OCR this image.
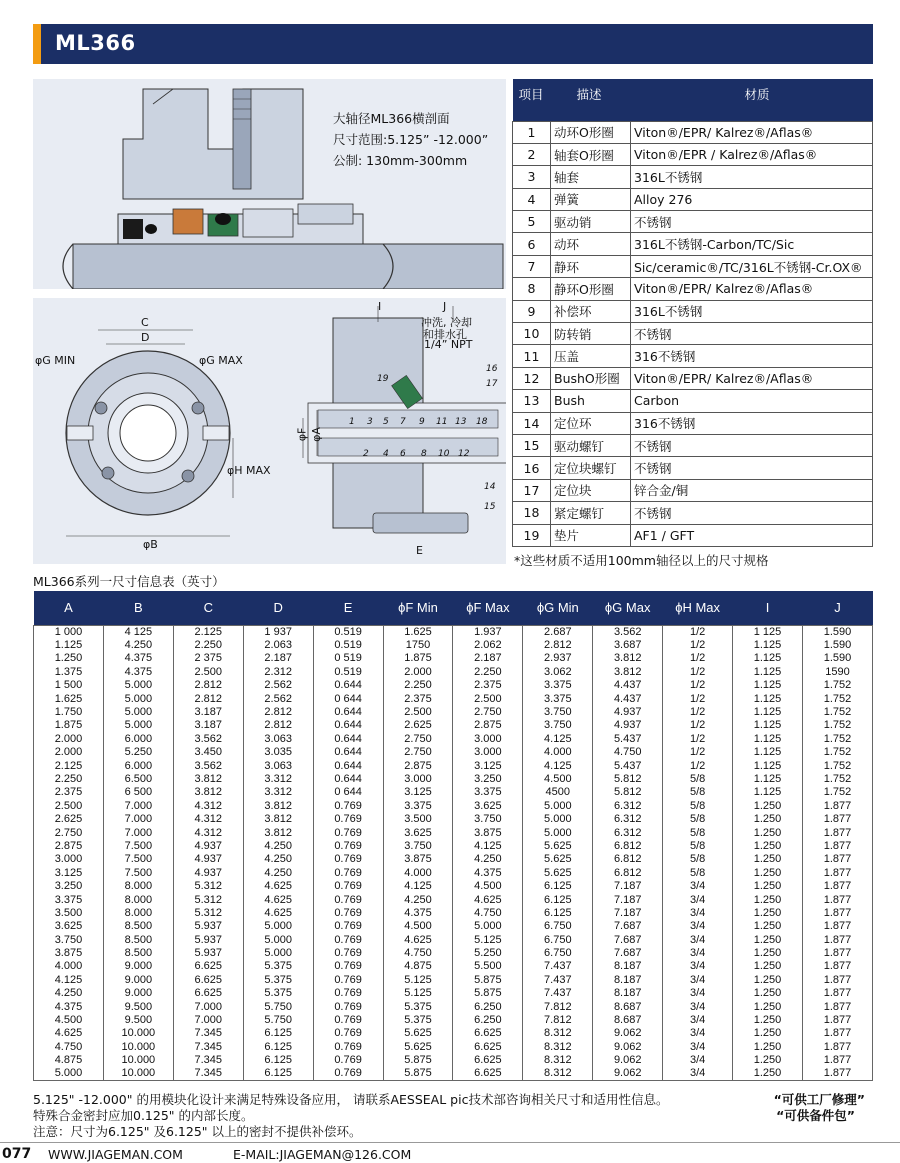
ML366
大轴径ML366横剖面
尺寸范围:5.125” -12.000”
公制: 130mm-300mm
C
D
φG MIN	φG MAX
φH MAX
φB
I	J
φF φA
E
冲洗, 冷却
和排水孔
1/4” NPT
19
16
17
1 3 5 7 9 11 13 18
2 4 6 8 10 12
14
15
项目	描述	材质
1	动环O形圈	Viton®/EPR/ Kalrez®/Aflas®
2	轴套O形圈	Viton®/EPR / Kalrez®/Aflas®
3	轴套	316L不锈钢
4	弹簧	Alloy 276
5	驱动销	不锈钢
6	动环	316L不锈钢-Carbon/TC/Sic
7	静环	Sic/ceramic®/TC/316L不锈钢-Cr.OX®
8	静环O形圈	Viton®/EPR/ Kalrez®/Aflas®
9	补偿环	316L不锈钢
10	防转销	不锈钢
11	压盖	316不锈钢
12	BushO形圈	Viton®/EPR/ Kalrez®/Aflas®
13	Bush	Carbon
14	定位环	316不锈钢
15	驱动螺钉	不锈钢
16	定位块螺钉	不锈钢
17	定位块	锌合金/铜
18	紧定螺钉	不锈钢
19	垫片	AF1 / GFT
*这些材质不适用100mm轴径以上的尺寸规格
ML366系列一尺寸信息表（英寸）
A	B	C	D	E	ϕF Min	ϕF Max	ϕG Min	ϕG Max	ϕH Max	I	J
1 000	4 125	2.125	1 937	0.519	1.625	1.937	2.687	3.562	1/2	1 125	1.590
1.125	4.250	2.250	2.063	0.519	1750	2.062	2.812	3.687	1/2	1.125	1.590
1.250	4.375	2 375	2.187	0 519	1.875	2.187	2.937	3.812	1/2	1.125	1.590
1.375	4.375	2.500	2.312	0.519	2.000	2.250	3.062	3.812	1/2	1.125	1590
1 500	5.000	2.812	2.562	0.644	2.250	2.375	3.375	4.437	1/2	1.125	1.752
1.625	5.000	2.812	2.562	0 644	2.375	2.500	3.375	4.437	1/2	1.125	1.752
1.750	5.000	3.187	2.812	0.644	2.500	2.750	3.750	4.937	1/2	1.125	1.752
1.875	5.000	3.187	2.812	0.644	2.625	2.875	3.750	4.937	1/2	1.125	1.752
2.000	6.000	3.562	3.063	0.644	2.750	3.000	4.125	5.437	1/2	1.125	1.752
2.000	5.250	3.450	3.035	0.644	2.750	3.000	4.000	4.750	1/2	1.125	1.752
2.125	6.000	3.562	3.063	0.644	2.875	3.125	4.125	5.437	1/2	1.125	1.752
2.250	6.500	3.812	3.312	0.644	3.000	3.250	4.500	5.812	5/8	1.125	1.752
2.375	6 500	3.812	3.312	0 644	3.125	3.375	4500	5.812	5/8	1.125	1.752
2.500	7.000	4.312	3.812	0.769	3.375	3.625	5.000	6.312	5/8	1.250	1.877
2.625	7.000	4.312	3.812	0.769	3.500	3.750	5.000	6.312	5/8	1.250	1.877
2.750	7.000	4.312	3.812	0.769	3.625	3.875	5.000	6.312	5/8	1.250	1.877
2.875	7.500	4.937	4.250	0.769	3.750	4.125	5.625	6.812	5/8	1.250	1.877
3.000	7.500	4.937	4.250	0.769	3.875	4.250	5.625	6.812	5/8	1.250	1.877
3.125	7.500	4.937	4.250	0.769	4.000	4.375	5.625	6.812	5/8	1.250	1.877
3.250	8.000	5.312	4.625	0.769	4.125	4.500	6.125	7.187	3/4	1.250	1.877
3.375	8.000	5.312	4.625	0.769	4.250	4.625	6.125	7.187	3/4	1.250	1.877
3.500	8.000	5.312	4.625	0.769	4.375	4.750	6.125	7.187	3/4	1.250	1.877
3.625	8.500	5.937	5.000	0.769	4.500	5.000	6.750	7.687	3/4	1.250	1.877
3.750	8.500	5.937	5.000	0.769	4.625	5.125	6.750	7.687	3/4	1.250	1.877
3.875	8.500	5.937	5.000	0.769	4.750	5.250	6.750	7.687	3/4	1.250	1.877
4.000	9.000	6.625	5.375	0.769	4.875	5.500	7.437	8.187	3/4	1.250	1.877
4.125	9.000	6.625	5.375	0.769	5.125	5.875	7.437	8.187	3/4	1.250	1.877
4.250	9.000	6.625	5.375	0.769	5.125	5.875	7.437	8.187	3/4	1.250	1.877
4.375	9.500	7.000	5.750	0.769	5.375	6.250	7.812	8.687	3/4	1.250	1.877
4.500	9.500	7.000	5.750	0.769	5.375	6.250	7.812	8.687	3/4	1.250	1.877
4.625	10.000	7.345	6.125	0.769	5.625	6.625	8.312	9.062	3/4	1.250	1.877
4.750	10.000	7.345	6.125	0.769	5.625	6.625	8.312	9.062	3/4	1.250	1.877
4.875	10.000	7.345	6.125	0.769	5.875	6.625	8.312	9.062	3/4	1.250	1.877
5.000	10.000	7.345	6.125	0.769	5.875	6.625	8.312	9.062	3/4	1.250	1.877
5.125" -12.000" 的用模块化设计来满足特殊设备应用， 请联系AESSEAL pic技术部咨询相关尺寸和适用性信息。
特殊合金密封应加0.125" 的内部长度。
注意：尺寸为6.125" 及6.125" 以上的密封不提供补偿环。
“可供工厂修理”
“可供备件包”
077 WWW.JIAGEMAN.COM	E-MAIL:JIAGEMAN@126.COM
